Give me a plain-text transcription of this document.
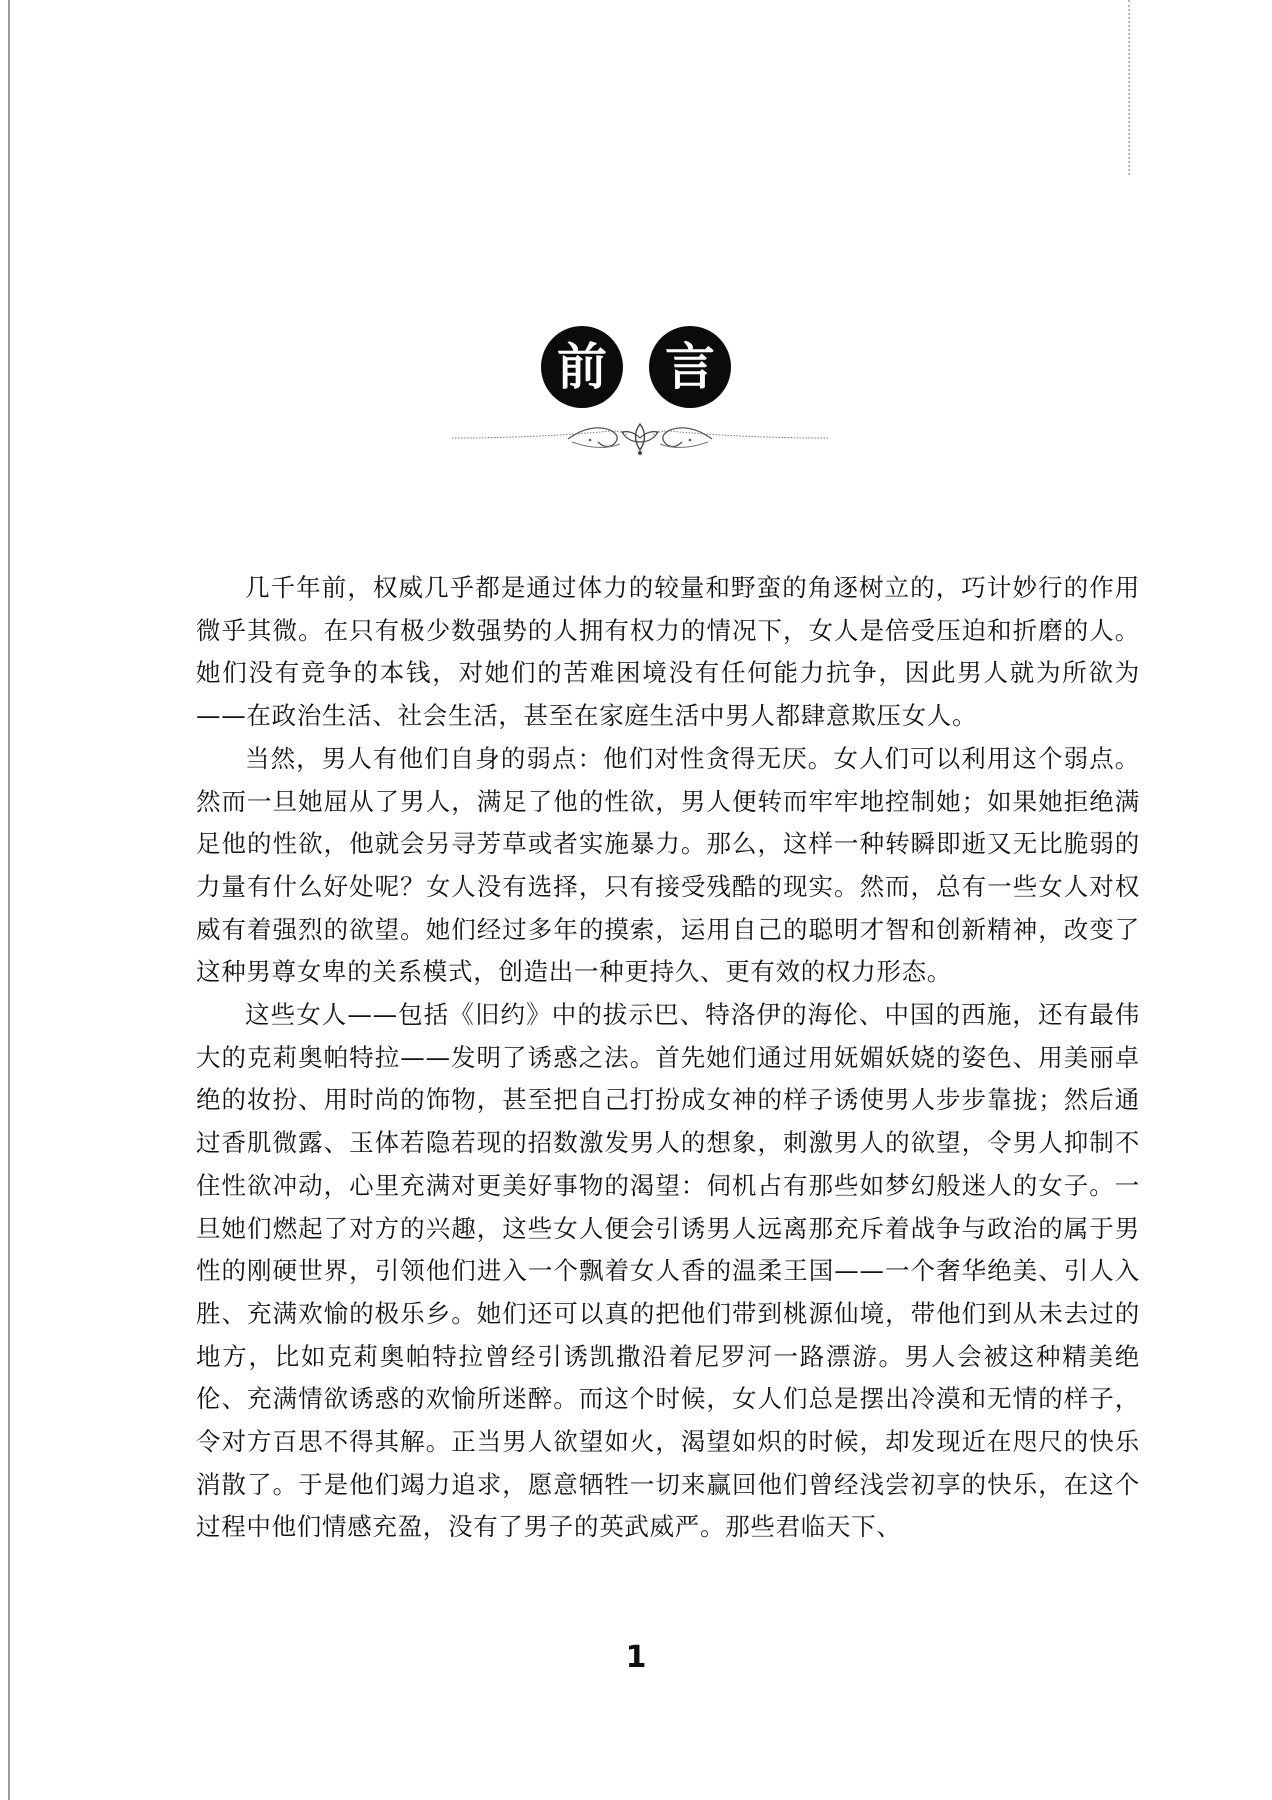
前 言

几千年前，权威几乎都是通过体力的较量和野蛮的角逐树立的，巧计妙行的作用微乎其微。在只有极少数强势的人拥有权力的情况下，女人是倍受压迫和折磨的人。她们没有竞争的本钱，对她们的苦难困境没有任何能力抗争，因此男人就为所欲为——在政治生活、社会生活，甚至在家庭生活中男人都肆意欺压女人。

当然，男人有他们自身的弱点：他们对性贪得无厌。女人们可以利用这个弱点。然而一旦她屈从了男人，满足了他的性欲，男人便转而牢牢地控制她；如果她拒绝满足他的性欲，他就会另寻芳草或者实施暴力。那么，这样一种转瞬即逝又无比脆弱的力量有什么好处呢？女人没有选择，只有接受残酷的现实。然而，总有一些女人对权威有着强烈的欲望。她们经过多年的摸索，运用自己的聪明才智和创新精神，改变了这种男尊女卑的关系模式，创造出一种更持久、更有效的权力形态。

这些女人——包括《旧约》中的拔示巴、特洛伊的海伦、中国的西施，还有最伟大的克莉奥帕特拉——发明了诱惑之法。首先她们通过用妩媚妖娆的姿色、用美丽卓绝的妆扮、用时尚的饰物，甚至把自己打扮成女神的样子诱使男人步步靠拢；然后通过香肌微露、玉体若隐若现的招数激发男人的想象，刺激男人的欲望，令男人抑制不住性欲冲动，心里充满对更美好事物的渴望：伺机占有那些如梦幻般迷人的女子。一旦她们燃起了对方的兴趣，这些女人便会引诱男人远离那充斥着战争与政治的属于男性的刚硬世界，引领他们进入一个飘着女人香的温柔王国——一个奢华绝美、引人入胜、充满欢愉的极乐乡。她们还可以真的把他们带到桃源仙境，带他们到从未去过的地方，比如克莉奥帕特拉曾经引诱凯撒沿着尼罗河一路漂游。男人会被这种精美绝伦、充满情欲诱惑的欢愉所迷醉。而这个时候，女人们总是摆出冷漠和无情的样子，令对方百思不得其解。正当男人欲望如火，渴望如炽的时候，却发现近在咫尺的快乐消散了。于是他们竭力追求，愿意牺牲一切来赢回他们曾经浅尝初享的快乐，在这个过程中他们情感充盈，没有了男子的英武威严。那些君临天下、

1
